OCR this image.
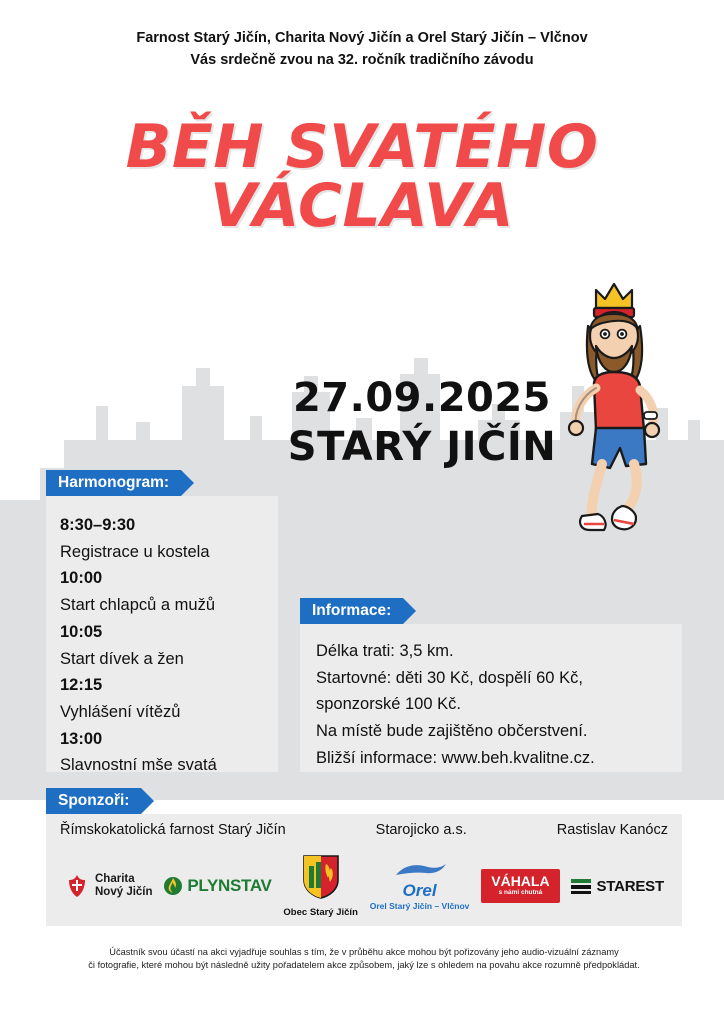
Farnost Starý Jičín, Charita Nový Jičín a Orel Starý Jičín – Vlčnov
Vás srdečně zvou na 32. ročník tradičního závodu
BĚH SVATÉHO
VÁCLAVA
27.09.2025
STARÝ JIČÍN
Harmonogram:
8:30–9:30
Registrace u kostela
10:00
Start chlapců a mužů
10:05
Start dívek a žen
12:15
Vyhlášení vítězů
13:00
Slavnostní mše svatá
Informace:
Délka trati: 3,5 km.
Startovné: děti 30 Kč, dospělí 60 Kč,
sponzorské 100 Kč.
Na místě bude zajištěno občerstvení.
Bližší informace: www.beh.kvalitne.cz.
Sponzoři:
Římskokatolická farnost Starý Jičín	Starojicko a.s.	Rastislav Kanócz
Charita
Nový Jičín PLYNSTAV
Obec Starý Jičín
Orel
Orel Starý Jičín – Vlčnov
VÁHALA
s námi chutná	STAREST
Účastník svou účastí na akci vyjadřuje souhlas s tím, že v průběhu akce mohou být pořizovány jeho audio-vizuální záznamy
či fotografie, které mohou být následně užity pořadatelem akce způsobem, jaký lze s ohledem na povahu akce rozumně předpokládat.
